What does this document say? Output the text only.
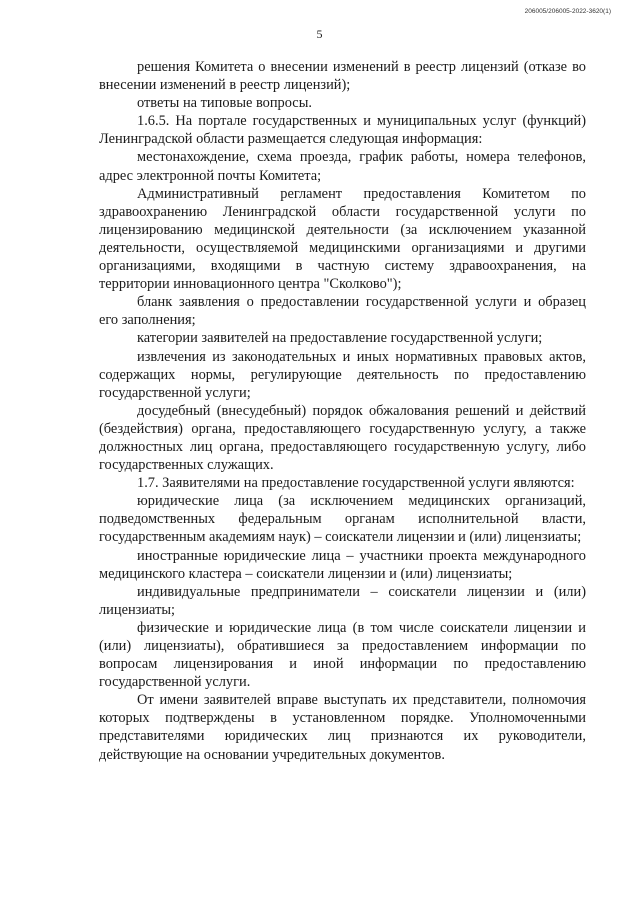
206005/206005-2022-3620(1)
5

решения Комитета о внесении изменений в реестр лицензий (отказе во внесении изменений в реестр лицензий);

ответы на типовые вопросы.

1.6.5. На портале государственных и муниципальных услуг (функций) Ленинградской области размещается следующая информация:

местонахождение, схема проезда, график работы, номера телефонов, адрес электронной почты Комитета;

Административный регламент предоставления Комитетом по здравоохранению Ленинградской области государственной услуги по лицензированию медицинской деятельности (за исключением указанной деятельности, осуществляемой медицинскими организациями и другими организациями, входящими в частную систему здравоохранения, на территории инновационного центра "Сколково");

бланк заявления о предоставлении государственной услуги и образец его заполнения;

категории заявителей на предоставление государственной услуги;

извлечения из законодательных и иных нормативных правовых актов, содержащих нормы, регулирующие деятельность по предоставлению государственной услуги;

досудебный (внесудебный) порядок обжалования решений и действий (бездействия) органа, предоставляющего государственную услугу, а также должностных лиц органа, предоставляющего государственную услугу, либо государственных служащих.

1.7. Заявителями на предоставление государственной услуги являются:

юридические лица (за исключением медицинских организаций, подведомственных федеральным органам исполнительной власти, государственным академиям наук) – соискатели лицензии и (или) лицензиаты;

иностранные юридические лица – участники проекта международного медицинского кластера – соискатели лицензии и (или) лицензиаты;

индивидуальные предприниматели – соискатели лицензии и (или) лицензиаты;

физические и юридические лица (в том числе соискатели лицензии и (или) лицензиаты), обратившиеся за предоставлением информации по вопросам лицензирования и иной информации по предоставлению государственной услуги.

От имени заявителей вправе выступать их представители, полномочия которых подтверждены в установленном порядке. Уполномоченными представителями юридических лиц признаются их руководители, действующие на основании учредительных документов.
